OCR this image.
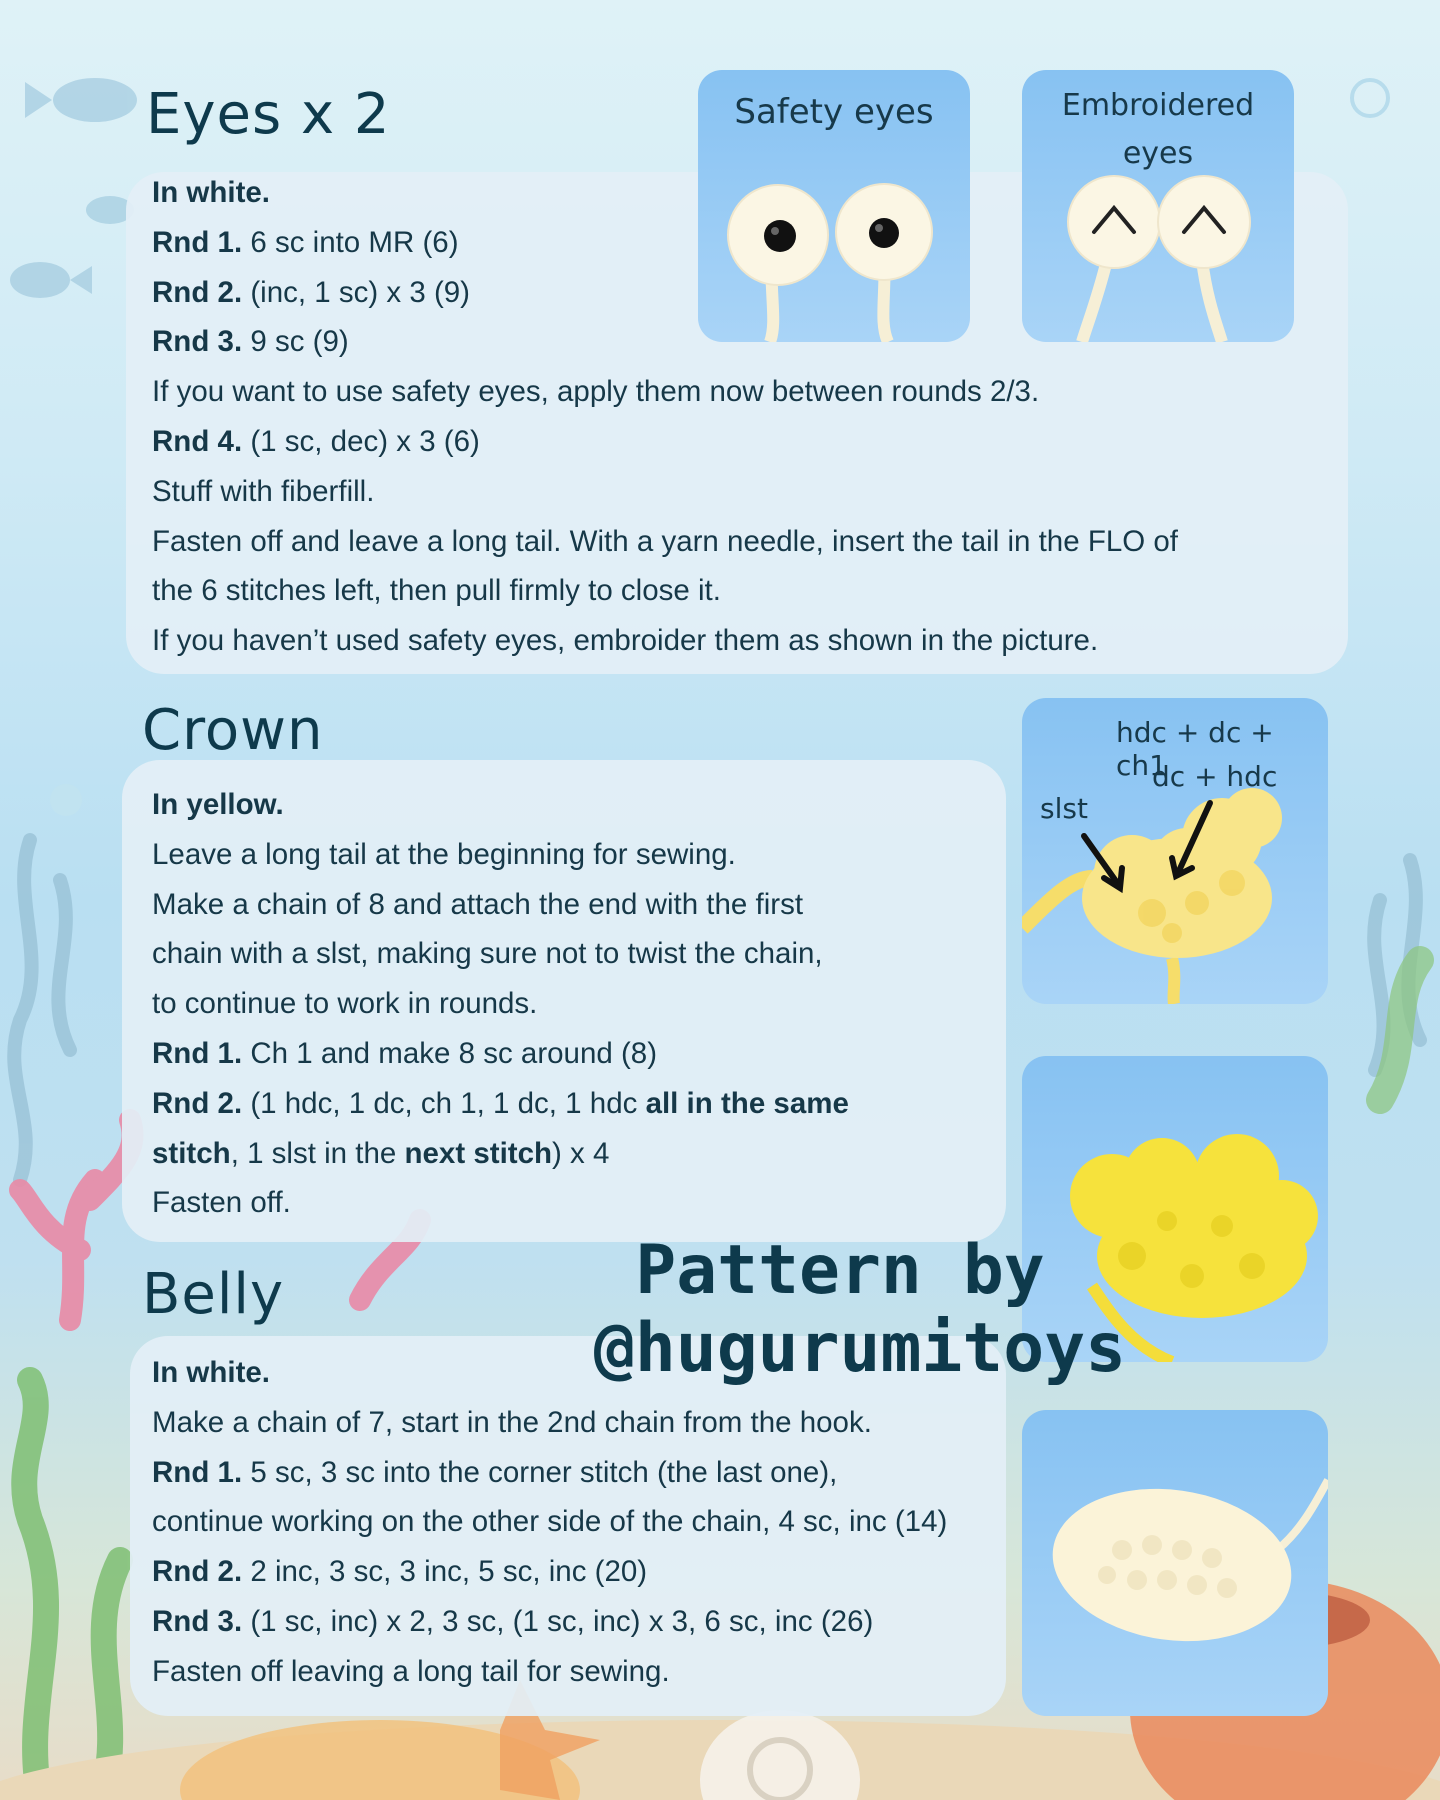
Eyes x 2

In white.

Rnd 1. 6 sc into MR (6)

Rnd 2. (inc, 1 sc) x 3 (9)

Rnd 3. 9 sc (9)

If you want to use safety eyes, apply them now between rounds 2/3.

Rnd 4. (1 sc, dec) x 3 (6)

Stuff with fiberfill.

Fasten off and leave a long tail. With a yarn needle, insert the tail in the FLO of

the 6 stitches left, then pull firmly to close it.

If you haven’t used safety eyes, embroider them as shown in the picture.

Safety eyes	Embroidered
eyes
Crown

In yellow.

Leave a long tail at the beginning for sewing.

Make a chain of 8 and attach the end with the first

chain with a slst, making sure not to twist the chain,

to continue to work in rounds.

Rnd 1. Ch 1 and make 8 sc around (8)

Rnd 2. (1 hdc, 1 dc, ch 1, 1 dc, 1 hdc all in the same

stitch, 1 slst in the next stitch) x 4

Fasten off.

hdc + dc + ch1
dc + hdc
slst
Belly

In white.

Make a chain of 7, start in the 2nd chain from the hook.

Rnd 1. 5 sc, 3 sc into the corner stitch (the last one),

continue working on the other side of the chain, 4 sc, inc (14)

Rnd 2. 2 inc, 3 sc, 3 inc, 5 sc, inc (20)

Rnd 3. (1 sc, inc) x 2, 3 sc, (1 sc, inc) x 3, 6 sc, inc (26)

Fasten off leaving a long tail for sewing.

Pattern by
@hugurumitoys
